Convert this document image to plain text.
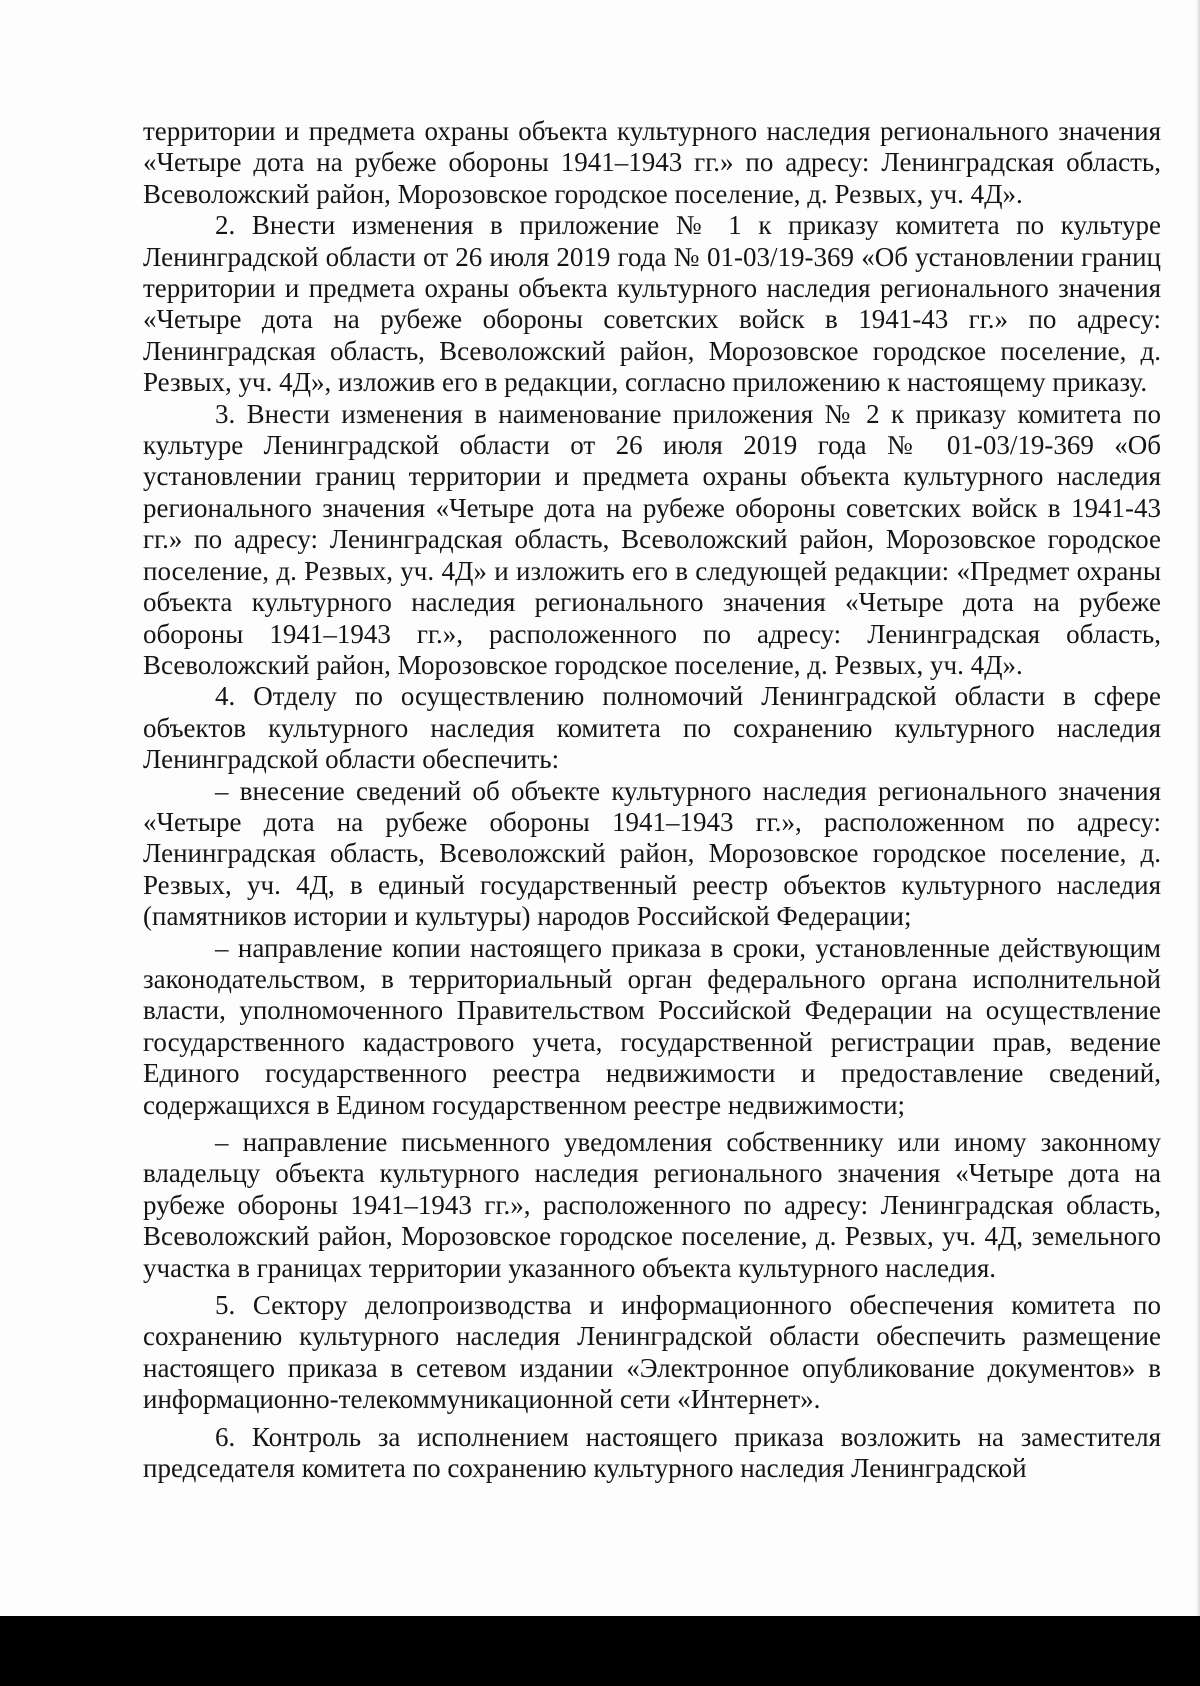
территории и предмета охраны объекта культурного наследия регионального значения «Четыре дота на рубеже обороны 1941–1943 гг.» по адресу: Ленинградская область, Всеволожский район, Морозовское городское поселение, д. Резвых, уч. 4Д».

2. Внести изменения в приложение № 1 к приказу комитета по культуре Ленинградской области от 26 июля 2019 года № 01-03/19-369 «Об установлении границ территории и предмета охраны объекта культурного наследия регионального значения «Четыре дота на рубеже обороны советских войск в 1941-43 гг.» по адресу: Ленинградская область, Всеволожский район, Морозовское городское поселение, д. Резвых, уч. 4Д», изложив его в редакции, согласно приложению к настоящему приказу.

3. Внести изменения в наименование приложения № 2 к приказу комитета по культуре Ленинградской области от 26 июля 2019 года № 01-03/19-369 «Об установлении границ территории и предмета охраны объекта культурного наследия регионального значения «Четыре дота на рубеже обороны советских войск в 1941-43 гг.» по адресу: Ленинградская область, Всеволожский район, Морозовское городское поселение, д. Резвых, уч. 4Д» и изложить его в следующей редакции: «Предмет охраны объекта культурного наследия регионального значения «Четыре дота на рубеже обороны 1941–1943 гг.», расположенного по адресу: Ленинградская область, Всеволожский район, Морозовское городское поселение, д. Резвых, уч. 4Д».

4. Отделу по осуществлению полномочий Ленинградской области в сфере объектов культурного наследия комитета по сохранению культурного наследия Ленинградской области обеспечить:

– внесение сведений об объекте культурного наследия регионального значения «Четыре дота на рубеже обороны 1941–1943 гг.», расположенном по адресу: Ленинградская область, Всеволожский район, Морозовское городское поселение, д. Резвых, уч. 4Д, в единый государственный реестр объектов культурного наследия (памятников истории и культуры) народов Российской Федерации;

– направление копии настоящего приказа в сроки, установленные действующим законодательством, в территориальный орган федерального органа исполнительной власти, уполномоченного Правительством Российской Федерации на осуществление государственного кадастрового учета, государственной регистрации прав, ведение Единого государственного реестра недвижимости и предоставление сведений, содержащихся в Едином государственном реестре недвижимости;

– направление письменного уведомления собственнику или иному законному владельцу объекта культурного наследия регионального значения «Четыре дота на рубеже обороны 1941–1943 гг.», расположенного по адресу: Ленинградская область, Всеволожский район, Морозовское городское поселение, д. Резвых, уч. 4Д, земельного участка в границах территории указанного объекта культурного наследия.

5. Сектору делопроизводства и информационного обеспечения комитета по сохранению культурного наследия Ленинградской области обеспечить размещение настоящего приказа в сетевом издании «Электронное опубликование документов» в информационно-телекоммуникационной сети «Интернет».

6. Контроль за исполнением настоящего приказа возложить на заместителя председателя комитета по сохранению культурного наследия Ленинградской
